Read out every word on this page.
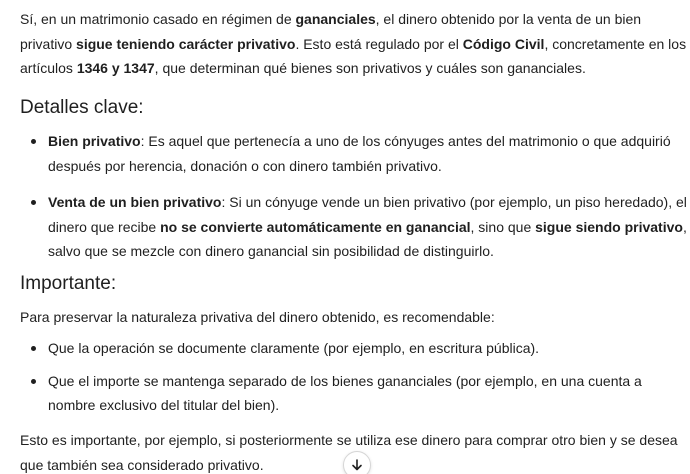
Sí, en un matrimonio casado en régimen de gananciales, el dinero obtenido por la venta de un bien privativo sigue teniendo carácter privativo. Esto está regulado por el Código Civil, concretamente en los artículos 1346 y 1347, que determinan qué bienes son privativos y cuáles son gananciales.

Detalles clave:
Bien privativo: Es aquel que pertenecía a uno de los cónyuges antes del matrimonio o que adquirió después por herencia, donación o con dinero también privativo.
Venta de un bien privativo: Si un cónyuge vende un bien privativo (por ejemplo, un piso heredado), el dinero que recibe no se convierte automáticamente en ganancial, sino que sigue siendo privativo, salvo que se mezcle con dinero ganancial sin posibilidad de distinguirlo.
Importante:

Para preservar la naturaleza privativa del dinero obtenido, es recomendable:

Que la operación se documente claramente (por ejemplo, en escritura pública).
Que el importe se mantenga separado de los bienes gananciales (por ejemplo, en una cuenta a nombre exclusivo del titular del bien).

Esto es importante, por ejemplo, si posteriormente se utiliza ese dinero para comprar otro bien y se desea que también sea considerado privativo.
